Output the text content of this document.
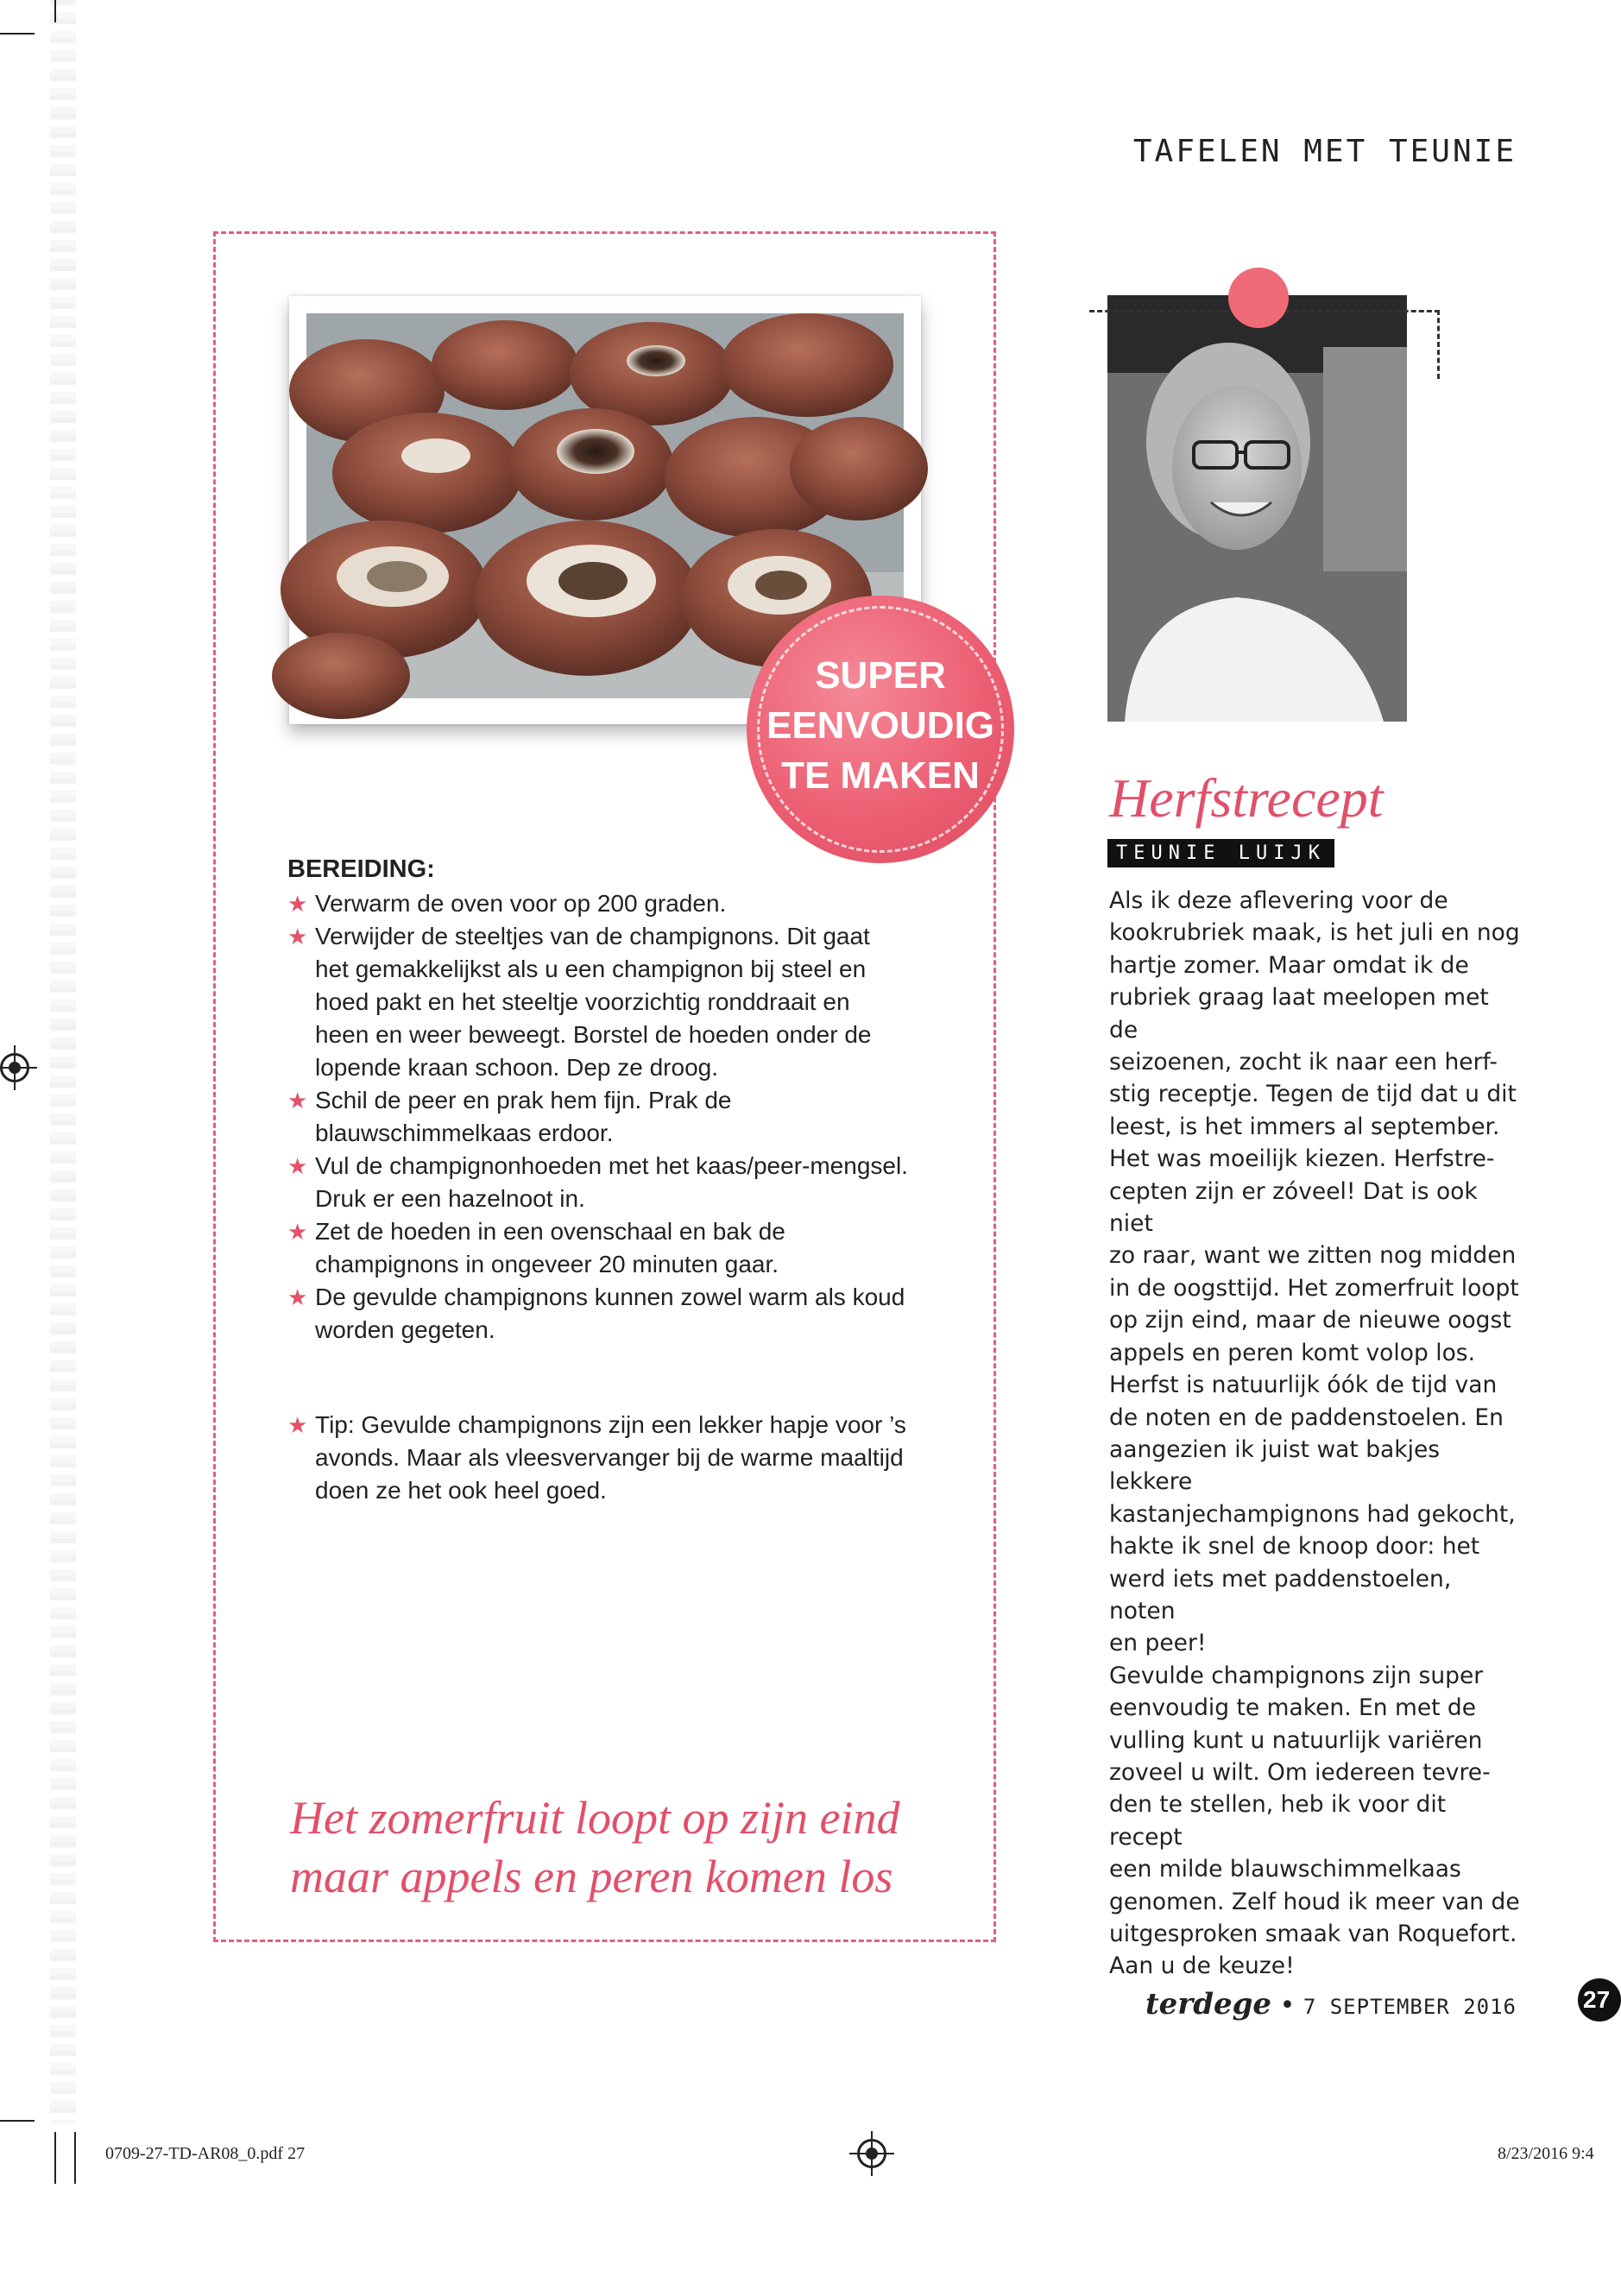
TAFELEN MET TEUNIE
SUPER
EENVOUDIG
TE MAKEN
BEREIDING:
★ Verwarm de oven voor op 200 graden.
★ Verwijder de steeltjes van de champignons. Dit gaat
het gemakkelijkst als u een champignon bij steel en
hoed pakt en het steeltje voorzichtig ronddraait en
heen en weer beweegt. Borstel de hoeden onder de
lopende kraan schoon. Dep ze droog.
★ Schil de peer en prak hem fijn. Prak de
blauwschimmelkaas erdoor.
★ Vul de champignonhoeden met het kaas/peer-mengsel.
Druk er een hazelnoot in.
★ Zet de hoeden in een ovenschaal en bak de
champignons in ongeveer 20 minuten gaar.
★ De gevulde champignons kunnen zowel warm als koud
worden gegeten.
★ Tip: Gevulde champignons zijn een lekker hapje voor ’s
avonds. Maar als vleesvervanger bij de warme maaltijd
doen ze het ook heel goed.
Het zomerfruit loopt op zijn eind
maar appels en peren komen los
Herfstrecept
TEUNIE LUIJK

Als ik deze aflevering voor de

kookrubriek maak, is het juli en nog

hartje zomer. Maar omdat ik de

rubriek graag laat meelopen met de

seizoenen, zocht ik naar een herf-

stig receptje. Tegen de tijd dat u dit

leest, is het immers al september.

Het was moeilijk kiezen. Herfstre-

cepten zijn er zóveel! Dat is ook niet

zo raar, want we zitten nog midden

in de oogsttijd. Het zomerfruit loopt

op zijn eind, maar de nieuwe oogst

appels en peren komt volop los.

Herfst is natuurlijk óók de tijd van

de noten en de paddenstoelen. En

aangezien ik juist wat bakjes lekkere

kastanjechampignons had gekocht,

hakte ik snel de knoop door: het

werd iets met paddenstoelen, noten

en peer!

Gevulde champignons zijn super

eenvoudig te maken. En met de

vulling kunt u natuurlijk variëren

zoveel u wilt. Om iedereen tevre-

den te stellen, heb ik voor dit recept

een milde blauwschimmelkaas

genomen. Zelf houd ik meer van de

uitgesproken smaak van Roquefort.

Aan u de keuze!

terdege • 7 SEPTEMBER 2016	27
0709-27-TD-AR08_0.pdf 27	8/23/2016 9:4
